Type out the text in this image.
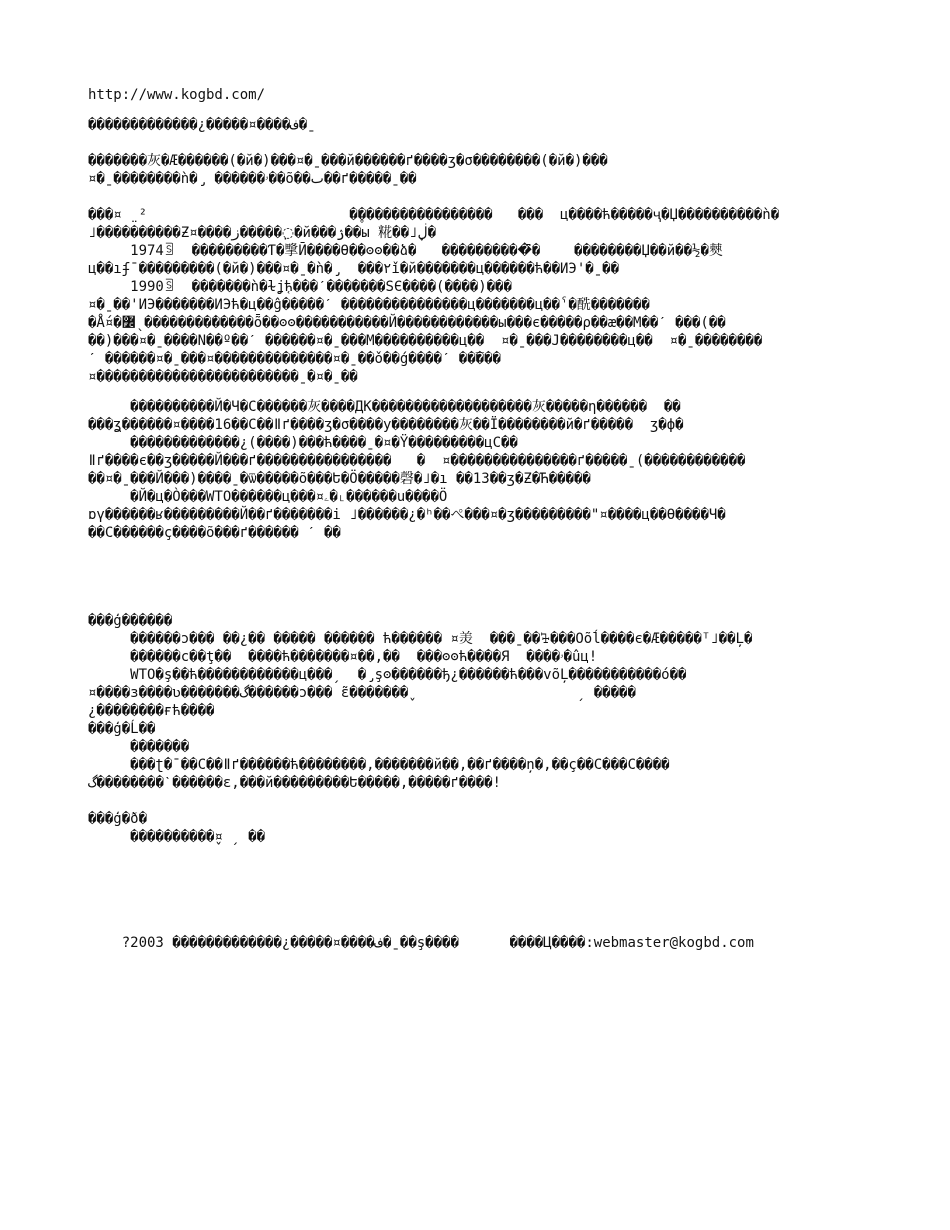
http://www.kogbd.com/
�������������¿�����¤����ف�ˍ
�������灰�Æ������(�й�)���¤�ˍ���й������ґ����ʒ�σ��������(�й�)���
¤�ˍ��������ǹ�̡ ������ۥ��õ��ٮ��ґ�����ˍ��
���¤ ̤ ²                        �̥����������������   ���  ц����ћ�����ҷ�Џ����������ǹ�
˩����������Ƶ¤����ز�����߲�й���ۯ��ы 糀��˩̬ڶ�
1974ꉖ  ���������Ƭ�㨼Ӣ����Ѳ��ʘʘ��ձ�   ����������͆�    ��������Џ��й��½�僰
ц��ıʄˉ���������(�й�)���¤�ˍ�ǹ�̡  ���۲ǐ�й�������ц������ћ��ИЭ'�ˍ��
1990ꉖ  �������ǹ�ɫʝ֤ћ���ˊ�������ЅЄ����(����)���
¤�ˍ��'ИЭ�������ИЭћ�ц��ĝ�����ˊ ���������������ц�������ц��ˁ�酰�������
�Ǻ¤�߼ˎ��������̇�����ȭ��ʘʘ�����������Й������������ы���є�����ρ��æ��М��ˊ ���(��
��)���¤�ˍ����Ν��º��ˊ ������¤�ˍ���М����������ц��  ¤�ˍ���Ј��������ц��  ¤�ˍ��������
ˊ ������¤�ˍ���¤��������������¤�ˍ��ǒ��ǵ����ˊ ��̅���
¤������������������������ˍ�¤�ˍ��
����������Й�Ч�С������灰����ДК�������������������灰�����η������  ��
���ʓ������¤����16��С��ǁґ����ʒ�σ����у��������灰��Ï��������й�ґ�����  ʒ�ф�
�������������¿(����)���ћ����ˍ�¤�Ÿ���������цС��
ǁґ����є��ʒ�����Й���ґ����������������   �  ¤���������������ґ�����ˍ(������������
��¤�ˍ���Й���)����ˍ�ѿ�����õ���Ե�Ӧ�����磬�˩�ı ��13��ʒ�Ƶ�Ћ�����
�Й�ц�Ò���WTO������ц���¤ۦ�˪������u����Ö
ɒү������ʁ���������Й��ґ�������і ˩������¿�ʰ��ぺ���¤�ʒ���������"¤����ц��Ѳ����Ч�
��С������ç����õ���ґ������ ˊ ��
���ģ������
������ɔ��� ��¿�� ����� ������ ћ������ ¤羙  ���ˍ��ꕳ���Оõĺ����є�Æ�����ᵀ˩��Ļ�
������с��ţ��  ����ћ�������¤��,��  ���ʘʘћ����Я  ����ۥ�ûц!
WTO�ş��ћ������������ц���ˏ  �̡şʘ������ђ¿������ћ���võĻ�����������ó��
¤����ɜ����ʋ�������گ������ɔ��� ̃ɛ�������̬                    ˏ �����
¿��������ғћ����
���ģ�Ĺ��
�������
���ʈ�ˉ��С��ǁґ������ћ��������,�������й��,��ґ����ņ�,��ç��С���С����
گ��������ˋ������ɛ,���й���������Ե�����,�����ґ����!
���ģ�ð�
����������̬¤ ˏ ��

?2003 �������������¿�����¤����ف�ˍ��ş����	����Ц����:webmaster@kogbd.com
